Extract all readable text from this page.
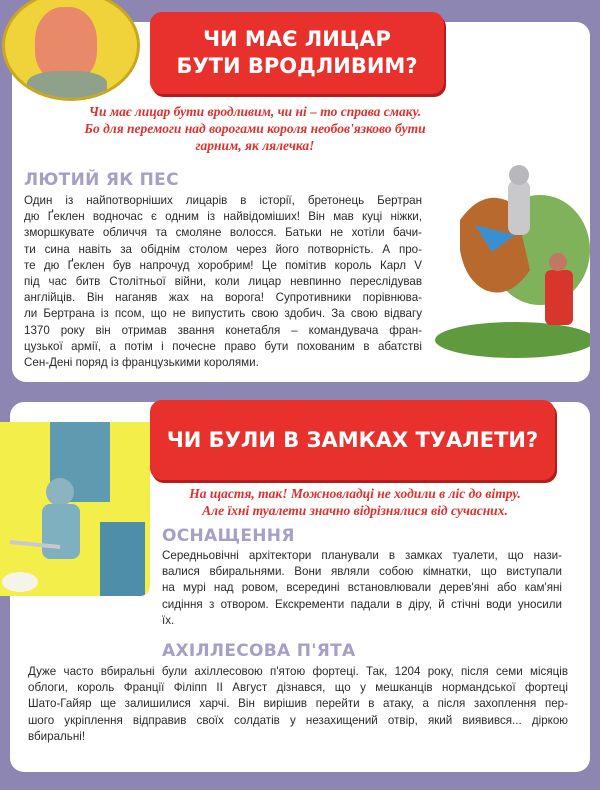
ЧИ МАЄ ЛИЦАР
БУТИ ВРОДЛИВИМ?
Чи має лицар бути вродливим, чи ні – то справа смаку.
Бо для перемоги над ворогами короля необов'язково бути
гарним, як лялечка!
ЛЮТИЙ ЯК ПЕС
Один із найпотворніших лицарів в історії, бретонець Бертран
дю Ґеклен водночас є одним із найвідоміших! Він мав куці ніжки,
зморшкувате обличчя та смоляне волосся. Батьки не хотіли бачи-
ти сина навіть за обіднім столом через його потворність. А про-
те дю Ґеклен був напрочуд хоробрим! Це помітив король Карл V
під час битв Столітньої війни, коли лицар невпинно переслідував
англійців. Він наганяв жах на ворога! Супротивники порівнюва-
ли Бертрана із псом, що не випустить свою здобич. За свою відвагу
1370 року він отримав звання конетабля – командувача фран-
цузької армії, а потім і почесне право бути похованим в абатстві
Сен-Дені поряд із французькими королями.
ЧИ БУЛИ В ЗАМКАХ ТУАЛЕТИ?
На щастя, так! Можновладці не ходили в ліс до вітру.
Але їхні туалети значно відрізнялися від сучасних.
ОСНАЩЕННЯ
Середньовічні архітектори планували в замках туалети, що нази-
валися вбиральнями. Вони являли собою кімнатки, що виступали
на мурі над ровом, всередині встановлювали дерев'яні або кам'яні
сидіння з отвором. Екскременти падали в діру, й стічні води уносили
їх.
АХІЛЛЕСОВА П'ЯТА
Дуже часто вбиральні були ахіллесовою п'ятою фортеці. Так, 1204 року, після семи місяців
облоги, король Франції Філіпп II Август дізнався, що у мешканців нормандської фортеці
Шато-Гайяр ще залишилися харчі. Він вирішив перейти в атаку, а після захоплення пер-
шого укріплення відправив своїх солдатів у незахищений отвір, який виявився... діркою
вбиральні!
